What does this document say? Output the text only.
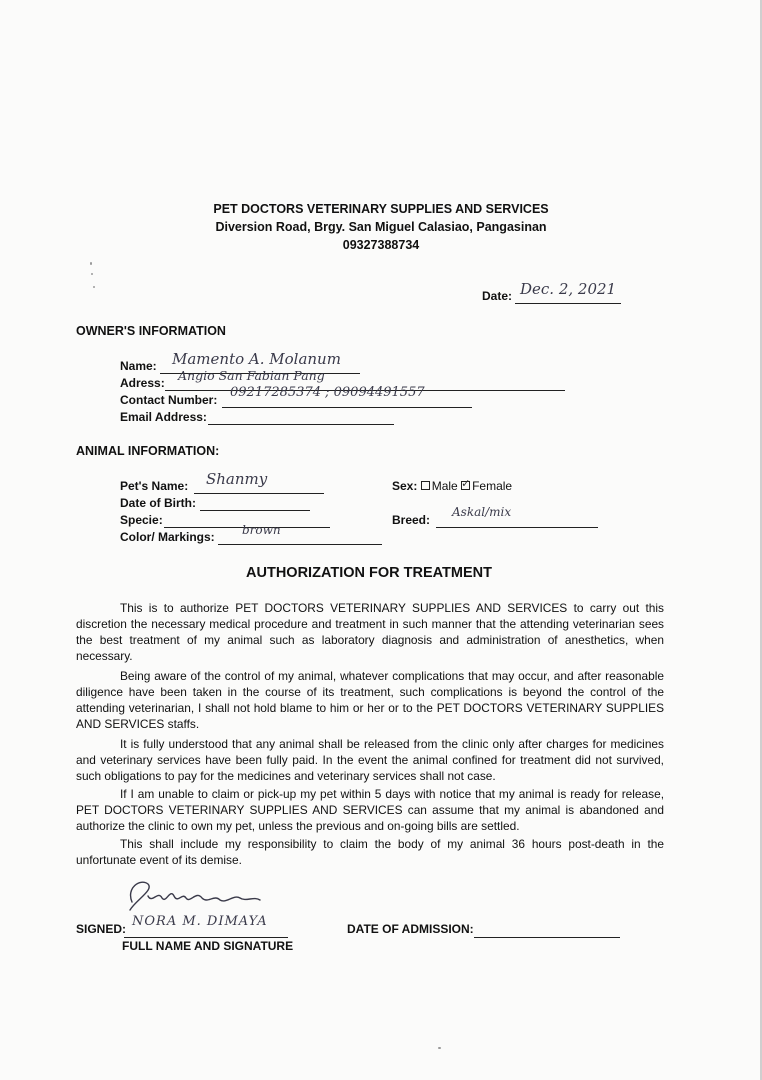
PET DOCTORS VETERINARY SUPPLIES AND SERVICES
Diversion Road, Brgy. San Miguel Calasiao, Pangasinan
09327388734
Date: Dec. 2, 2021
OWNER'S INFORMATION
Name: Mamento A. Molanum
Adress: Angio San Fabian Pang
Contact Number: 09217285374 ; 09094491557
Email Address:
ANIMAL INFORMATION:
Pet's Name: Shanmy
Date of Birth:
Specie:
Color/ Markings: brown
Sex: Male ✓ Female
Breed:
Askal/mix
AUTHORIZATION FOR TREATMENT
This is to authorize PET DOCTORS VETERINARY SUPPLIES AND SERVICES to carry out this discretion the necessary medical procedure and treatment in such manner that the attending veterinarian sees the best treatment of my animal such as laboratory diagnosis and administration of anesthetics, when necessary.
Being aware of the control of my animal, whatever complications that may occur, and after reasonable diligence have been taken in the course of its treatment, such complications is beyond the control of the attending veterinarian, I shall not hold blame to him or her or to the PET DOCTORS VETERINARY SUPPLIES AND SERVICES staffs.
It is fully understood that any animal shall be released from the clinic only after charges for medicines and veterinary services have been fully paid. In the event the animal confined for treatment did not survived, such obligations to pay for the medicines and veterinary services shall not case.
If I am unable to claim or pick-up my pet within 5 days with notice that my animal is ready for release, PET DOCTORS VETERINARY SUPPLIES AND SERVICES can assume that my animal is abandoned and authorize the clinic to own my pet, unless the previous and on-going bills are settled.
This shall include my responsibility to claim the body of my animal 36 hours post-death in the unfortunate event of its demise.
SIGNED: NORA M. DIMAYA
FULL NAME AND SIGNATURE
DATE OF ADMISSION:
